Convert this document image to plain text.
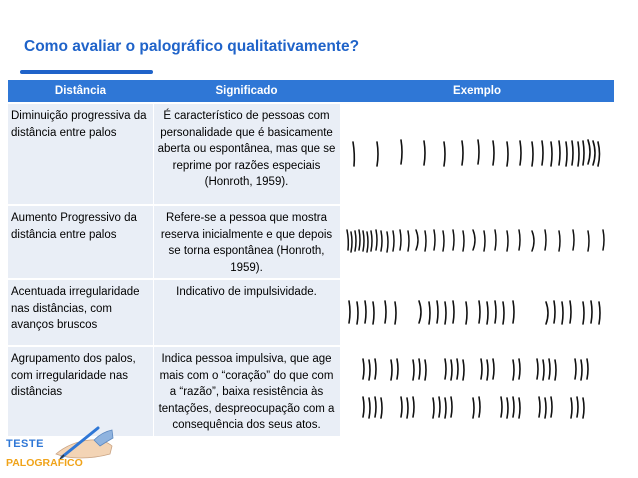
Como avaliar o palográfico qualitativamente?
Distância	Significado	Exemplo
Diminuição progressiva da distância entre palos	É característico de pessoas com personalidade que é basicamente aberta ou espontânea, mas que se reprime por razões especiais (Honroth, 1959).	

Aumento Progressivo da distância entre palos	Refere-se a pessoa que mostra reserva inicialmente e que depois se torna espontânea (Honroth, 1959).	

Acentuada irregularidade nas distâncias, com avanços bruscos	Indicativo de impulsividade.	

Agrupamento dos palos, com irregularidade nas distâncias	Indica pessoa impulsiva, que age mais com o “coração” do que com a “razão”, baixa resistência às tentações, despreocupação com a consequência dos seus atos.	
TESTE
PALOGRAFICO
